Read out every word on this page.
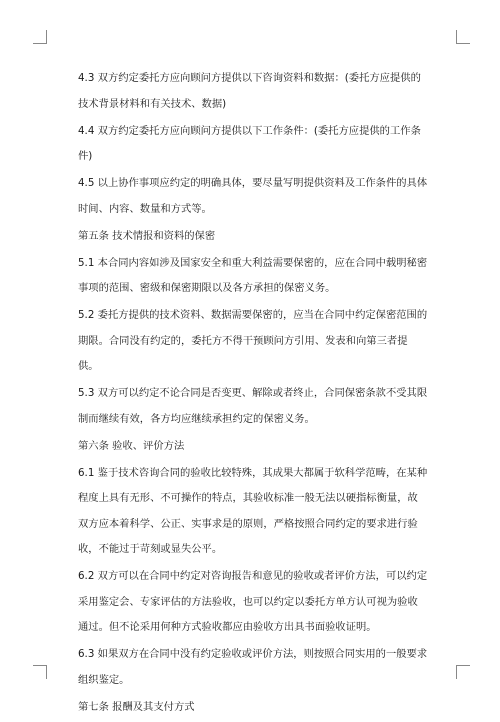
4.3 双方约定委托方应向顾问方提供以下咨询资料和数据：(委托方应提供的技术背景材料和有关技术、数据)

4.4 双方约定委托方应向顾问方提供以下工作条件：(委托方应提供的工作条件)

4.5 以上协作事项应约定的明确具体，要尽量写明提供资料及工作条件的具体时间、内容、数量和方式等。

第五条 技术情报和资料的保密

5.1 本合同内容如涉及国家安全和重大利益需要保密的，应在合同中载明秘密事项的范围、密级和保密期限以及各方承担的保密义务。

5.2 委托方提供的技术资料、数据需要保密的，应当在合同中约定保密范围的期限。合同没有约定的，委托方不得干预顾问方引用、发表和向第三者提供。

5.3 双方可以约定不论合同是否变更、解除或者终止，合同保密条款不受其限制而继续有效，各方均应继续承担约定的保密义务。

第六条 验收、评价方法

6.1 鉴于技术咨询合同的验收比较特殊，其成果大都属于软科学范畴，在某种程度上具有无形、不可操作的特点，其验收标准一般无法以硬指标衡量，故双方应本着科学、公正、实事求是的原则，严格按照合同约定的要求进行验收，不能过于苛刻或显失公平。

6.2 双方可以在合同中约定对咨询报告和意见的验收或者评价方法，可以约定采用鉴定会、专家评估的方法验收，也可以约定以委托方单方认可视为验收通过。但不论采用何种方式验收都应由验收方出具书面验收证明。

6.3 如果双方在合同中没有约定验收或评价方法，则按照合同实用的一般要求组织鉴定。

第七条 报酬及其支付方式
